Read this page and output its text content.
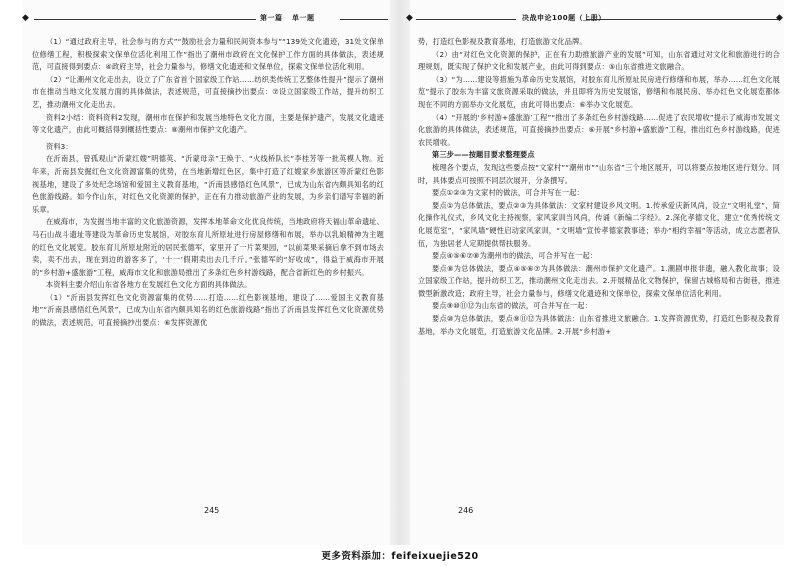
◆	第一篇 单一题

（1）“通过政府主导，社会参与的方式”“鼓励社会力量和民间资本参与”“139处文化遗迹，31处文保单位修缮工程，积极探索文保单位活化利用工作”指出了潮州市政府在文化保护工作方面的具体做法，表述规范，可直接得到要点：④政府主导，社会力量参与，修缮文化遗迹和文保单位，探索文保单位活化利用。

（2）“让潮州文化走出去，设立了广东省首个国家级工作站……纺织类传统工艺整体性提升”提示了潮州市在推动当地文化发展方面的具体做法，表述规范，可直接摘抄出要点：⑦设立国家级工作站，提升纺织工艺，推动潮州文化走出去。

资料2小结：资料资料2发现，潮州市在保护和发展当地特色文化方面，主要是保护遗产，发展文化遗迹等文化遗产，由此可概括得到概括性要点：⑧潮州市保护文化遗产。

资料3：

在沂南县，曾孤观山“沂蒙红嫂”明德英、“沂蒙母亲”王焕于、“火线桥队长”李桂芳等一批英模人物。近年来，沂南县发掘红色文化资源富集的优势，在当地新增红色区，集中打造了红嫂家乡旅游区等沂蒙红色影视基地，建设了多处纪念场馆和爱国主义教育基地，“沂南县感悟红色风景”，已成为山东省内颇具知名的红色旅游线路。如今作山东，对红色文化资源的保护，正在有力推动旅游产业的发展，为乡亲们谱写幸福的新乐章。

在威海市，为发掘当地丰富的文化旅游资源，发挥本地革命文化优良传统，当地政府将天福山革命遗址、马石山战斗遗址等建设为革命历史发展馆，对胶东育儿所原址进行房屋修缮和布展，举办以乳娘精神为主题的红色文化展览。胶东育儿所原址附近的居民张德军，家里开了一片菜果园，“以前菜果采摘后拿不到市场去卖，卖不出去，现在到边的游客多了，‘十一’假期卖出去几千斤。”张德军的“好收成”，得益于威海市开展的“乡村游+盛旅游”工程，威海市文化和旅游局推出了多条红色乡村游线路，配合省新红色的乡村振兴。

本资料主要介绍山东省各地方在发展红色文化方面的具体做法。

（1）“沂南县发挥红色文化资源富集的优势……打造……红色影视基地，建设了……爱国主义教育基地”“沂南县感悟红色风景”，已成为山东省内颇具知名的红色旅游线路”指出了沂南县发挥红色文化资源优势的做法，表述规范，可直接摘抄出要点：⑥发挥资源优

245
◆	决战申论100题（上册）	◆

势，打造红色影视及教育基地，打造旅游文化品牌。

（2）由“对红色文化资源的保护，正在有力助推旅游产业的发展”可知，山东省通过对文化和旅游进行的合理规划，既实现了保护文化和发展产业，由此可得到要点：⑤山东省推进文旅融合。

（3）“为……建设等措施为革命历史发展馆，对胶东育儿所原址民房进行修缮和布展，举办……红色文化展览”提示了胶东为丰富文旅资源采取的做法，并且即将为历史发展馆，修缮和布展民房、举办红色文化展览都体现在不同的方面举办文化展览，由此可得出要点：⑥举办文化展览。

（4）“开展的‘乡村游+盛旅游’工程”“推出了多条红色乡村游线路……促进了农民增收”提示了威海市发展文化旅游的具体做法，表述规范，可直接摘抄出要点：⑥开展“乡村游+盛旅游”工程，推出红色乡村游线路，促进农民增收。

第三步——按题目要求整理要点

梳理各个要点，发现这些要点按“文家村”“潮州市”“山东省”三个地区展开，可以将要点按地区进行划分。同时，具体要点可按照不同层次展开，分条撰写。

要点①②③为文家村的做法，可合并写在一起：

要点①为总体做法，要点②③为具体做法：文家村建设乡风文明。1.传承爱庆新风尚，设立“文明礼堂”，简化操作礼仪式，乡风文化主持视察，家风家训当风尚，传诵《新编二字经》。2.深化孝德文化，建立“优秀传统文化展览室”，“家风墙”硬性启动家风家训，“文明墙”宣传孝德家教事迹；举办“相约幸福”等活动，成立志愿者队伍，为独居老人定期提供帮扶服务。

要点④⑤⑥⑦⑧为潮州市的做法，可合并写在一起：

要点⑧为总体做法，要点④⑤⑥⑦为具体做法：潮州市保护文化遗产。1.潮剧申报非遗，融入教化故事；设立国家级工作站，提升纺织工艺，推动潮州文化走出去。2.开展精品化文物保护，保留古城格局和古街巷，推进微型新激改造；政府主导，社会力量参与，修缮文化遗迹和文保单位，探索文保单位活化利用。

要点⑨⑩⑪⑫为山东省的做法，可合并写在一起：

要点⑩为总体做法，要点⑨⑪⑫为具体做法：山东省推进文旅融合。1.发挥资源优势，打造红色影视及教育基地，举办文化展览，打造旅游文化品牌。2.开展“乡村游+

246
更多资料添加：feifeixuejie520
